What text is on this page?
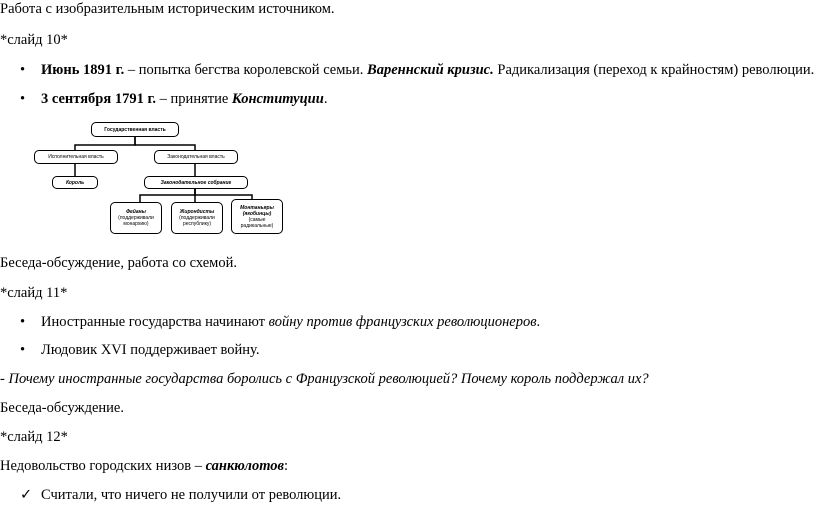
Работа с изобразительным историческим источником.
*слайд 10*
• Июнь 1891 г. – попытка бегства королевской семьи. Вареннский кризис. Радикализация (переход к крайностям) революции.
• 3 сентября 1791 г. – принятие Конституции.
Государственная власть
Исполнительная власть	Законодательная власть
Король	Законодательное собрание
Фейаны
(поддерживали монархию)
Жирондисты
(поддерживали республику)
Монтаньяры (якобинцы)
(самые радикальные)
Беседа-обсуждение, работа со схемой.
*слайд 11*
• Иностранные государства начинают войну против французских революционеров.
• Людовик XVI поддерживает войну.
- Почему иностранные государства боролись с Французской революцией? Почему король поддержал их?
Беседа-обсуждение.
*слайд 12*
Недовольство городских низов – санкюлотов:
✓ Считали, что ничего не получили от революции.
